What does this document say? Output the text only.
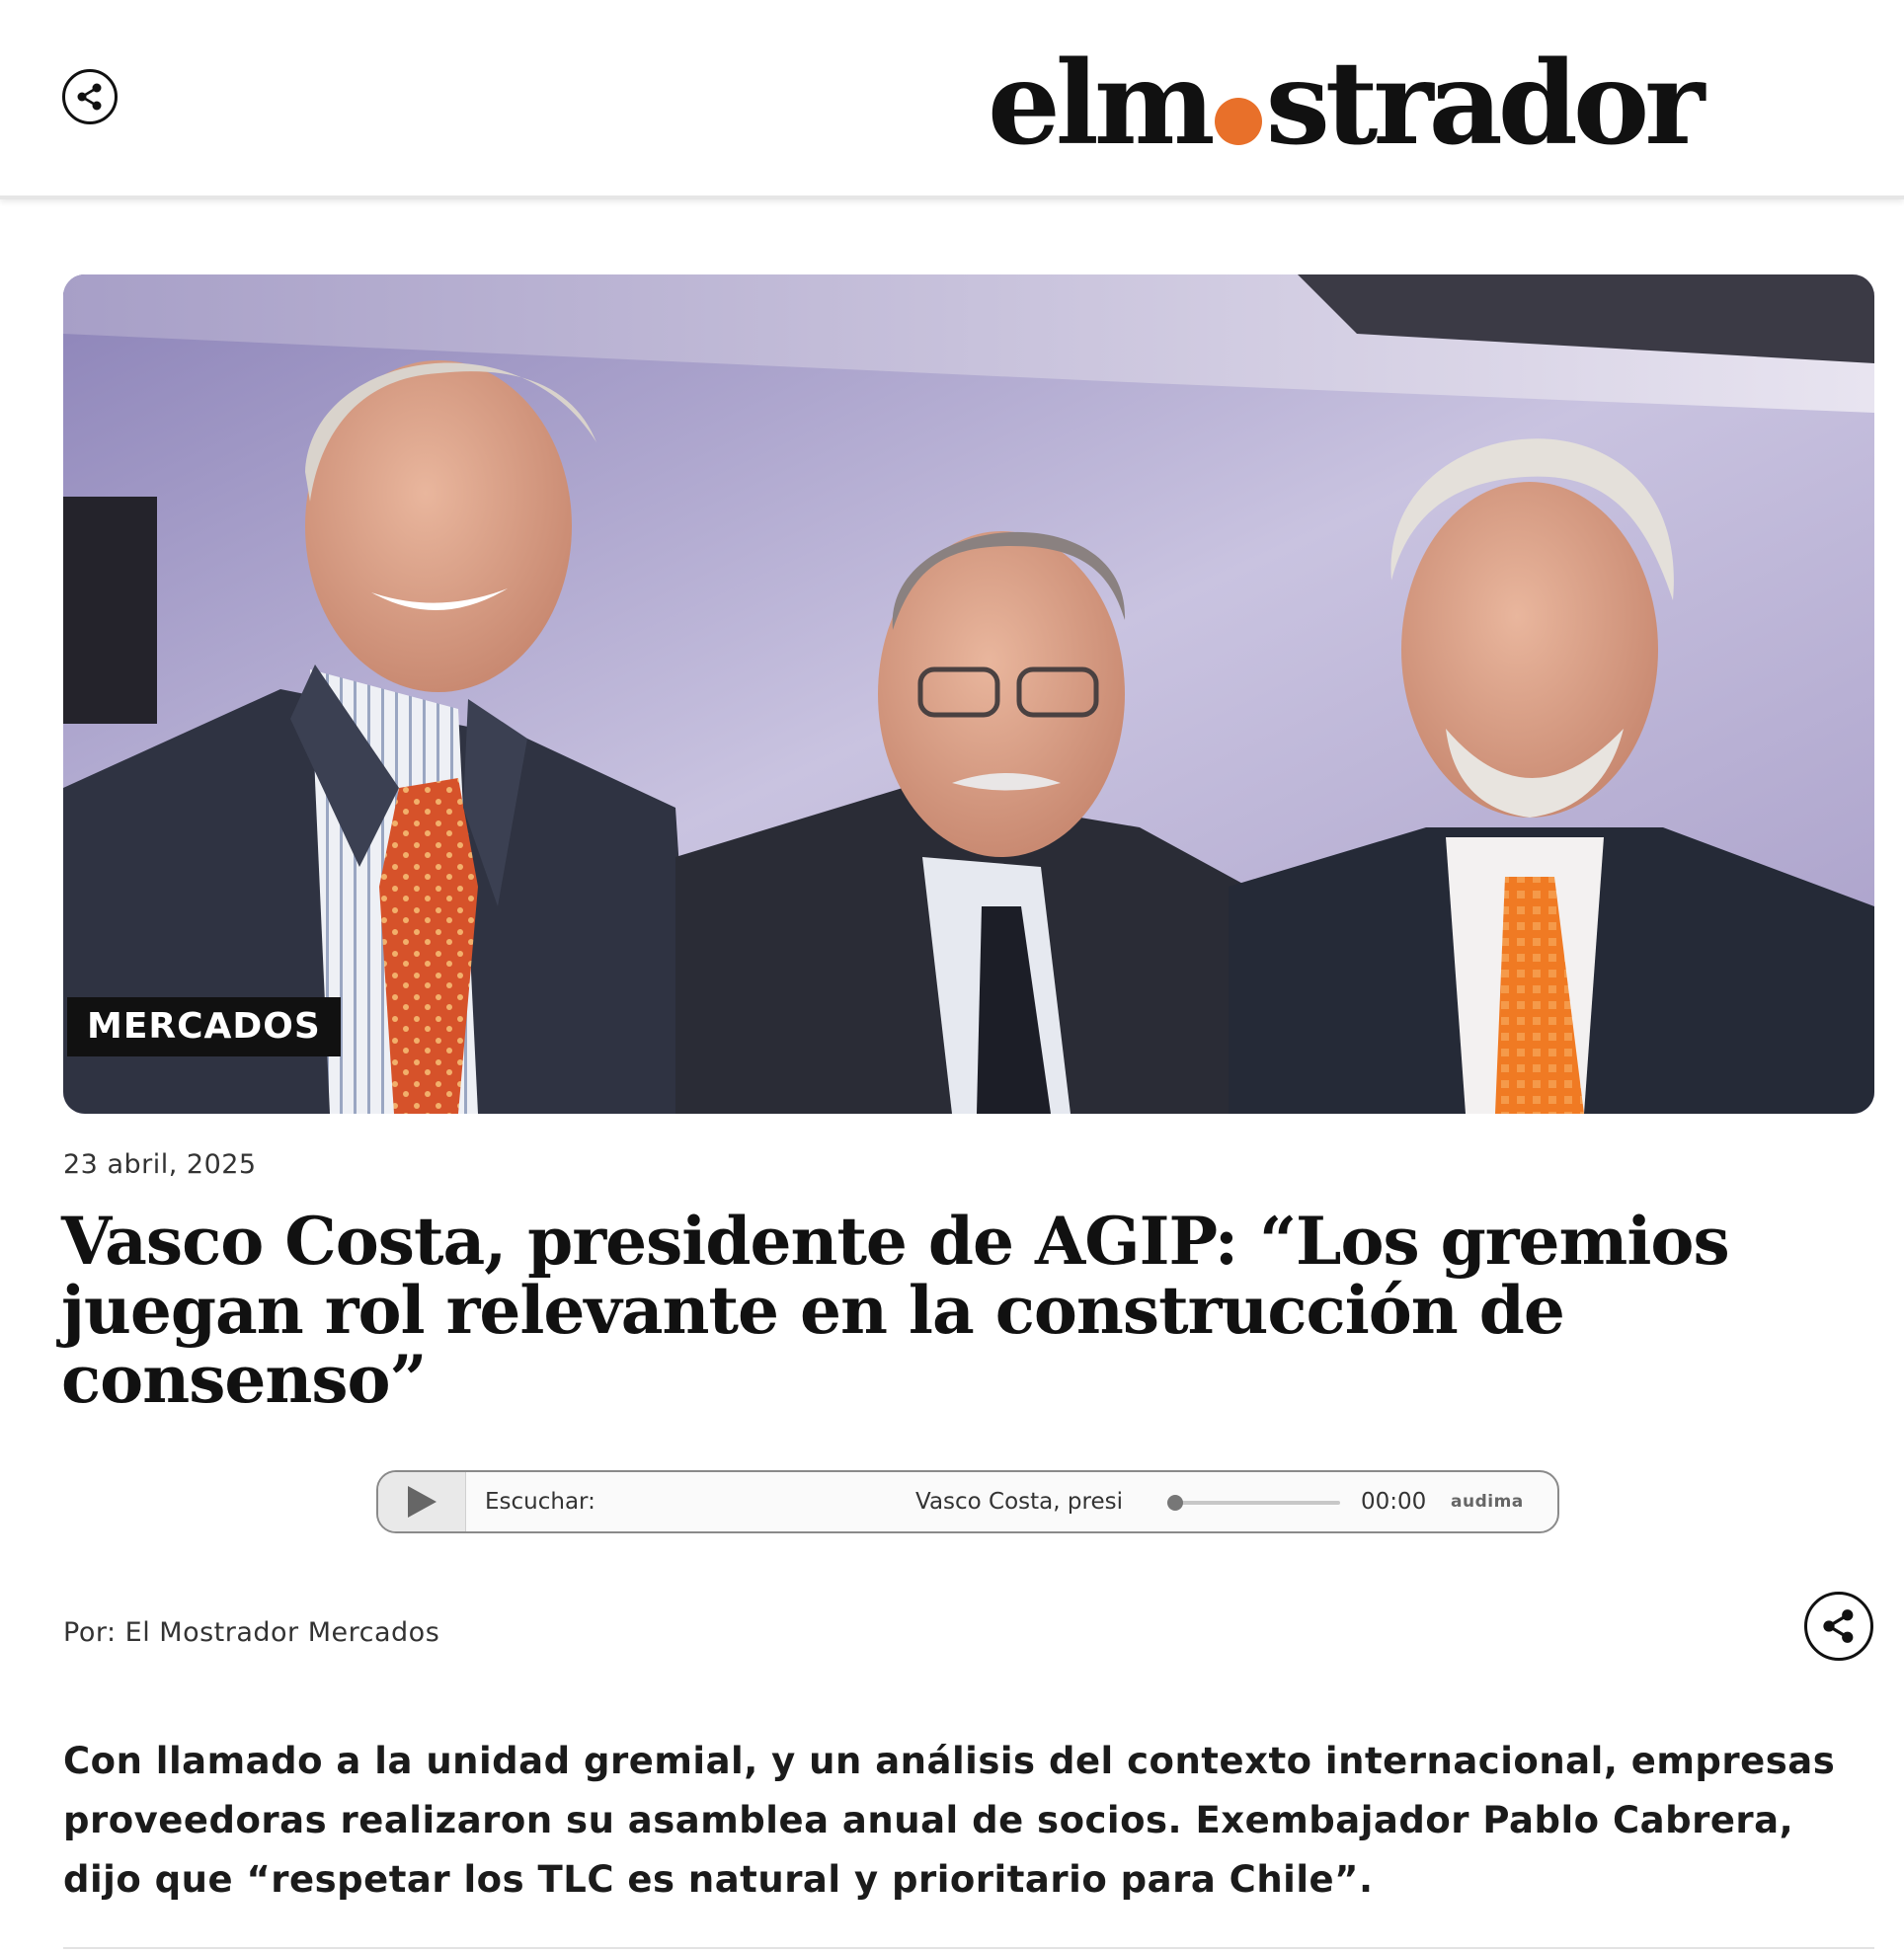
elm strador
MERCADOS
23 abril, 2025
Vasco Costa, presidente de AGIP: “Los gremios juegan rol relevante en la construcción de consenso”
Escuchar:	Vasco Costa, presi	00:00 audima
Por: El Mostrador Mercados

Con llamado a la unidad gremial, y un análisis del contexto internacional, empresas proveedoras realizaron su asamblea anual de socios. Exembajador Pablo Cabrera, dijo que “respetar los TLC es natural y prioritario para Chile”.
